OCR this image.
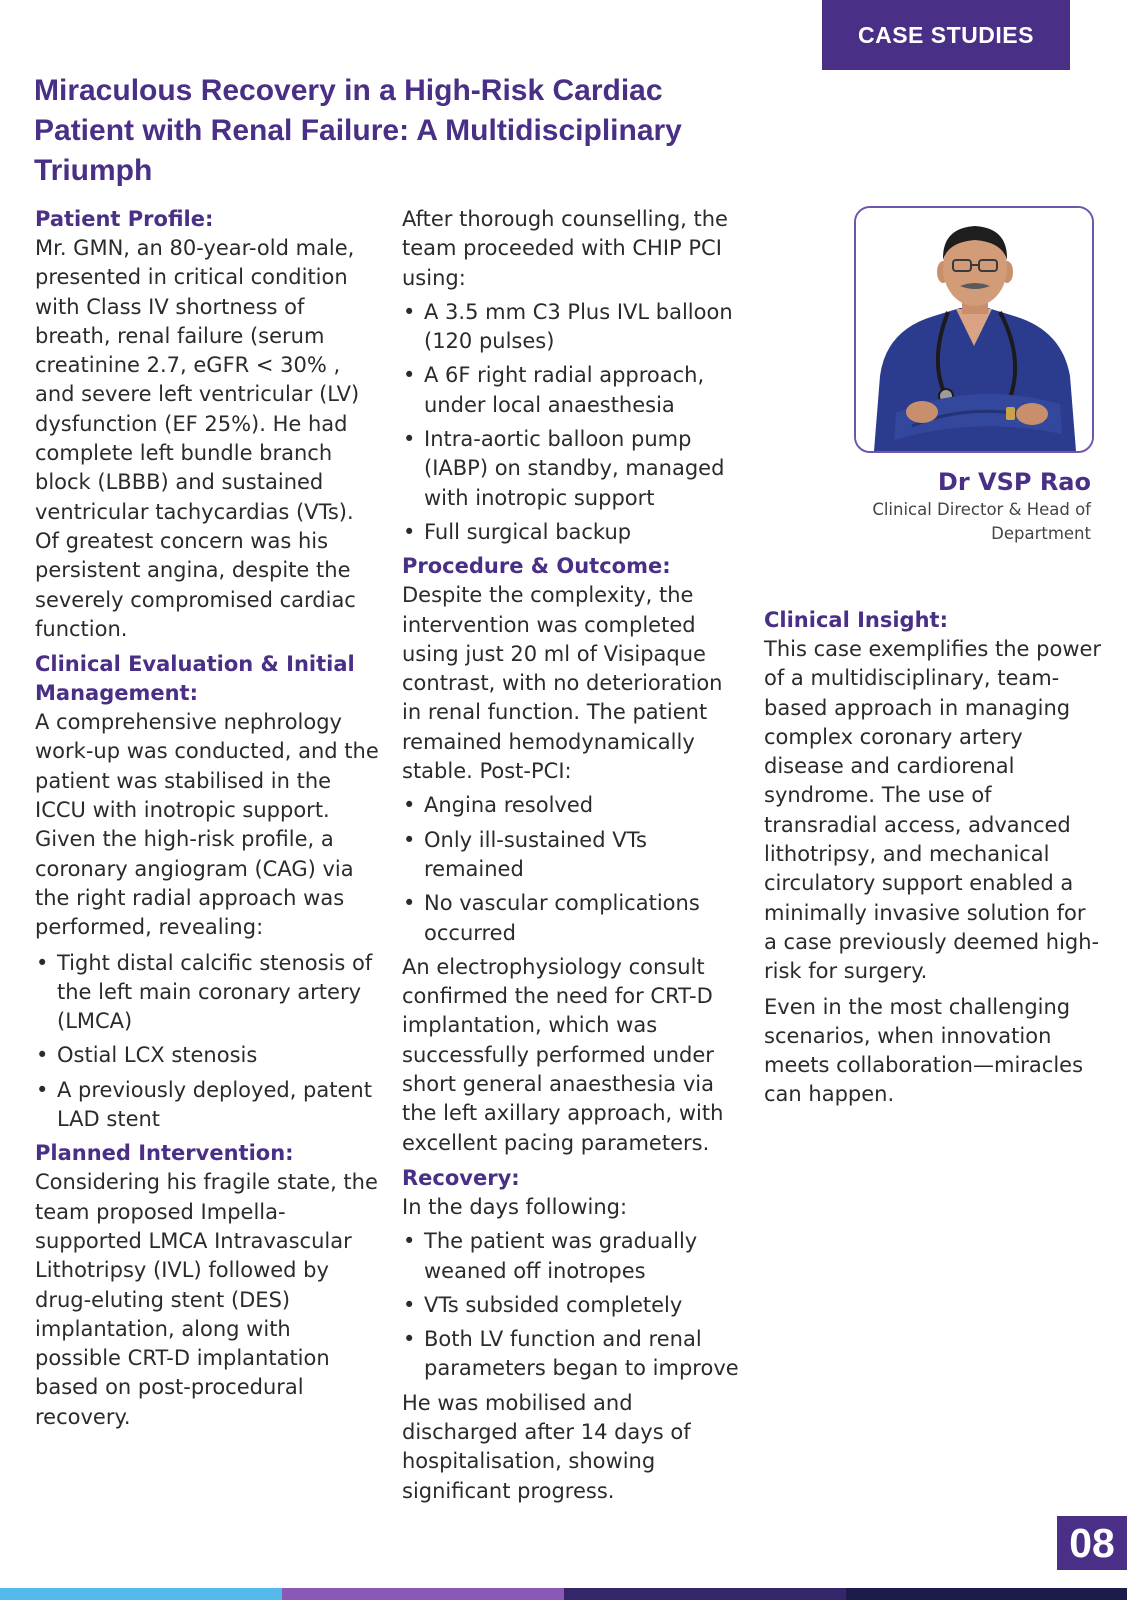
CASE STUDIES
Miraculous Recovery in a High-Risk Cardiac Patient with Renal Failure: A Multidisciplinary Triumph
Patient Profile:

Mr. GMN, an 80-year-old male, presented in critical condition with Class IV shortness of breath, renal failure (serum creatinine 2.7, eGFR < 30% , and severe left ventricular (LV) dysfunction (EF 25%). He had complete left bundle branch block (LBBB) and sustained ventricular tachycardias (VTs). Of greatest concern was his persistent angina, despite the severely compromised cardiac function.

Clinical Evaluation & Initial Management:

A comprehensive nephrology work-up was conducted, and the patient was stabilised in the ICCU with inotropic support. Given the high-risk profile, a coronary angiogram (CAG) via the right radial approach was performed, revealing:

• Tight distal calcific stenosis of the left main coronary artery (LMCA)
• Ostial LCX stenosis
• A previously deployed, patent LAD stent
Planned Intervention:

Considering his fragile state, the team proposed Impella-supported LMCA Intravascular Lithotripsy (IVL) followed by drug-eluting stent (DES) implantation, along with possible CRT-D implantation based on post-procedural recovery.

After thorough counselling, the team proceeded with CHIP PCI using:

• A 3.5 mm C3 Plus IVL balloon (120 pulses)
• A 6F right radial approach, under local anaesthesia
• Intra-aortic balloon pump (IABP) on standby, managed with inotropic support
• Full surgical backup
Procedure & Outcome:

Despite the complexity, the intervention was completed using just 20 ml of Visipaque contrast, with no deterioration in renal function. The patient remained hemodynamically stable. Post-PCI:

• Angina resolved
• Only ill-sustained VTs remained
• No vascular complications occurred

An electrophysiology consult confirmed the need for CRT-D implantation, which was successfully performed under short general anaesthesia via the left axillary approach, with excellent pacing parameters.

Recovery:

In the days following:

• The patient was gradually weaned off inotropes
• VTs subsided completely
• Both LV function and renal parameters began to improve

He was mobilised and discharged after 14 days of hospitalisation, showing significant progress.

Dr VSP Rao

Clinical Director & Head of Department

Clinical Insight:

This case exemplifies the power of a multidisciplinary, team-based approach in managing complex coronary artery disease and cardiorenal syndrome. The use of transradial access, advanced lithotripsy, and mechanical circulatory support enabled a minimally invasive solution for a case previously deemed high-risk for surgery.

Even in the most challenging scenarios, when innovation meets collaboration—miracles can happen.

08
